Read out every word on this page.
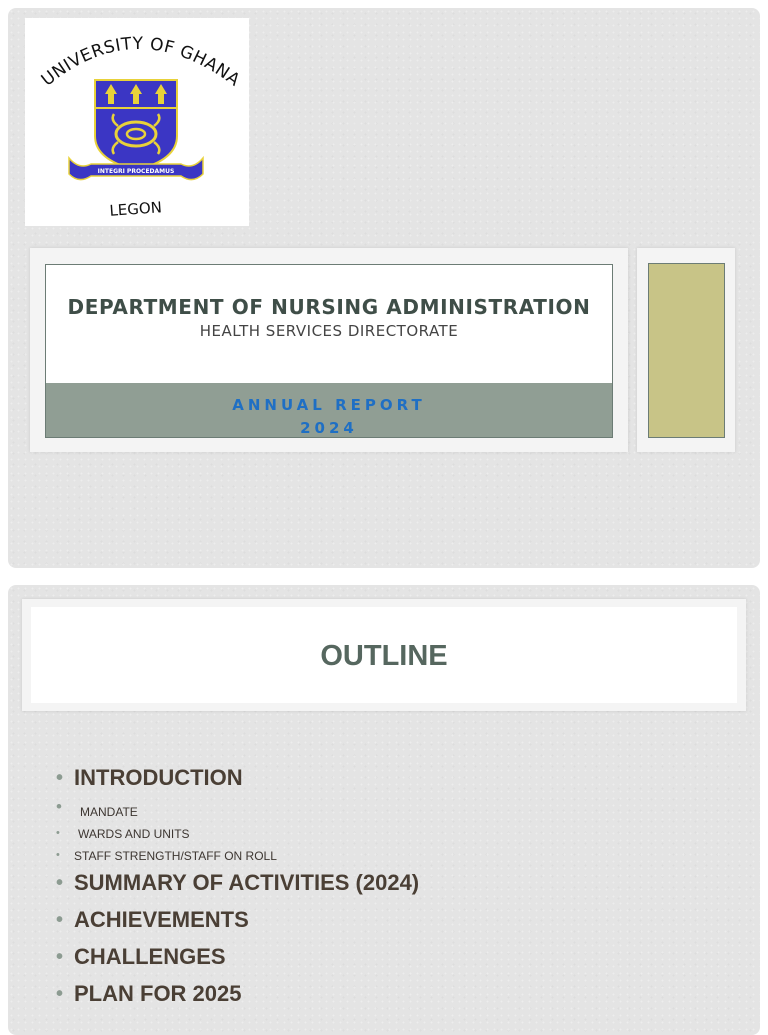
UNIVERSITY OF GHANA
INTEGRI PROCEDAMUS
LEGON
DEPARTMENT OF NURSING ADMINISTRATION
HEALTH SERVICES DIRECTORATE
ANNUAL REPORT
2024
OUTLINE
• INTRODUCTION
• MANDATE
• WARDS AND UNITS
• STAFF STRENGTH/STAFF ON ROLL
• SUMMARY OF ACTIVITIES (2024)
• ACHIEVEMENTS
• CHALLENGES
• PLAN FOR 2025
